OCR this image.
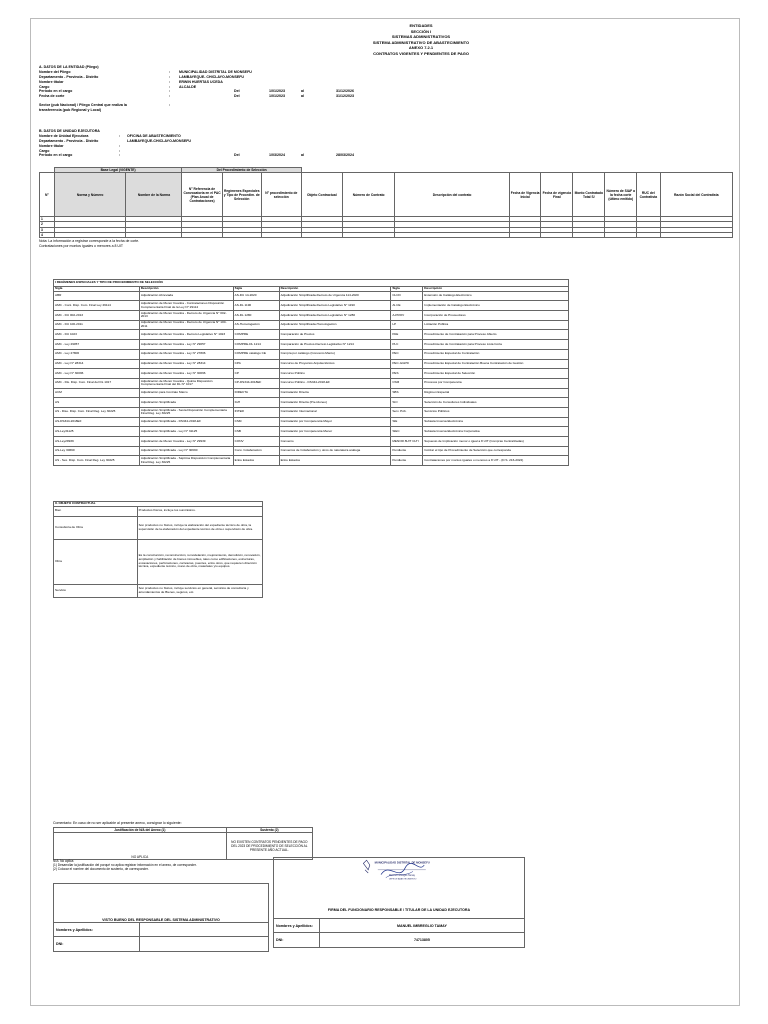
ENTIDADES
SECCIÓN I
SISTEMAS ADMINISTRATIVOS
SISTEMA ADMINISTRATIVO DE ABASTECIMIENTO
ANEXO 7.2.1
CONTRATOS VIGENTES Y PENDIENTES DE PAGO
A. DATOS DE LA ENTIDAD (Pliego)
Nombre del Pliego	: MUNICIPALIDAD DISTRITAL DE MONSEFU
Departamento - Provincia - Distrito	: LAMBAYEQUE- CHICLAYO-MONSEFU
Nombre titular	: ERWIN HUERTAS UCEDA
Cargo	: ALCALDE
Periodo en el cargo	:	Del	1/01/2023	al	31/12/2026
Fecha de corte	:	Del	1/01/2023	al	31/12/2023
Sector (pub Nacional) / Pliego Central que realiza la	:
transferencia (pub Regional y Local)
B. DATOS DE UNIDAD EJECUTORA
Nombre de Unidad Ejecutora	: OFICINA DE ABASTECIMIENTO
Departamento - Provincia - Distrito	LAMBAYEQUE-CHICLAYO-MONSEFU
Nombre titular	:
Cargo	:
Periodo en el cargo	:	Del	1/03/2024	al	28/03/2024
	Base Legal (VIGENTE)		Del Procedimiento de Selección											
N°	Norma y Número	Nombre de la Norma	N° Referencia de Convocatoria en el PAC (Plan Anual de Contrataciones)	Regímenes Especiales y Tipo de Procedim. de Selección	N° procedimiento de selección	Objeto Contractual	Número de Contrato	Descripción del contrato	Fecha de Vigencia Inicial	Fecha de vigencia Final	Monto Contratado Total S/	Número de SIAF a la fecha corte (último emitido)	RUC del Contratista	Razón Social del Contratista
1														
2														
3														
4														
Nota: La información a registrar corresponde a la fecha de corte.
Contrataciones por montos iguales o menores a 8 UIT
I REGÍMENES ESPECIALES Y TIPO DE PROCEDIMIENTO DE SELECCIÓN					
Sigla	Descripción	Sigla	Descripción	Sigla	Descripción
ABR	Adjudicación Abreviada	AS-DU 14-2020	Adjudicación Simplificada-Decreto de Urgencia 114-2020	CLCD	Extensión de Catálogo Electrónico
AMC - Cont. Disp. Com. Final Ley 29114	Adjudicación de Menor Cuantía - Contrataciones Disposición Complementaria Final de la Ley N° 29114	AS-DL 1190	Adjudicación Simplificada-Decreto Legislativo N° 1190	AI-CE	Implementación de Catálogo Electrónico
AMC - DU 002-2013	Adjudicación de Menor Cuantía - Decreto de Urgencia N° 002-2013	AS-DL 1280	Adjudicación Simplificada-Decreto Legislativo N° 1280	A-PROV	Incorporación de Proveedores
AMC - DU 100-2011	Adjudicación de Menor Cuantía - Decreto de Urgencia N° 100-2011	AS-Homologación	Adjudicación Simplificada-Homologación	LP	Licitación Pública
AMC - DU 1023	Adjudicación de Menor Cuantía - Decreto Legislativo N° 1023	COMPRE	Comparación de Precios	PAE	Procedimiento de Contratación para Proceso Abierto
AMC - Ley 29057	Adjudicación de Menor Cuantía - Ley N° 29057	COMPRE-DL 1214	Comparación de Precios-Decreto Legislativo N° 1214	PLC	Procedimiento de Contratación para Proceso Lista Corta
AMC - Ley 27806	Adjudicación de Menor Cuantía - Ley N° 27806	COMPRE catálogo CE	Compra por catálogo (Convenio Marco)	PEC	Procedimiento Especial de Contratación
AMC - Ley N° 28314	Adjudicación de Menor Cuantía - Ley N° 28314	CPA	Concurso de Proyectos Arquitectónicos	PEC-GGPD	Procedimiento Especial de Contratación Buena Contratación de Gestión
AMC - Ley N° 30096	Adjudicación de Menor Cuantía - Ley N° 30096	CP	Concurso Público	PES	Procedimiento Especial de Selección
AMC - Dis. Disp. Com. Final del DL 1017	Adjudicación de Menor Cuantía - Quinta Disposición Complementaria Final del DL N° 1017	CP-DS344-2018EF	Concurso Público - DS344-2018-EF	CSM	Procesos por Competencia
ACM	Adjudicación para Contrato Marco	DIRECTA	Contratación Directa	SBS	Régimen Especial
AS	Adjudicación Simplificada	IGH	Contratación Directa (Pre-Idoneo)	SCI	Selección de Consultores Individuales
AS - Dise. Disp. Com. Final Reg. Ley 30225	Adjudicación Simplificada - Sexta Disposición Complementaria Final Reg. Ley 30225	INTER	Contratación Internacional	Serv. Púb.	Servicios Públicos
AS-DS344-2018EF	Adjudicación Simplificada - DS344-2018-EF	CSM	Contratación por Competencia Mayor	SIE	Subasta Inversa Electrónica
AS-Ley31125	Adjudicación Simplificada - Ley N° 31125	CSB	Contratación por Competencia Menor	SIEC	Subasta Inversa Electrónica Corporativa
AS-Ley29939	Adjudicación de Menor Cuantía - Ley N° 29939	CONV	Convenio	MENOR 8UIT CLTI	Supuesto de Implicación menor o igual a 8 UIT (Compras Centralizadas)
AS-Ley 30690	Adjudicación Simplificada - Ley N° 30690	Conv. Colaboración	Convenios de Colaboración y otros de naturaleza análoga	Pendiente	Cotizar el tipo de Procedimiento de Selección que corresponda
AS - Sex. Disp. Com. Final Reg. Ley 30225	Adjudicación Simplificada - Séptima Disposición Complementaria Final Reg. Ley 30225	Entre Estados	Entre Estados	Pendiente	Contrataciones por montos iguales o menores a 8 UIT - (D.S. 216-2022)
II. OBJETO CONTRACTUAL	
Bien	Productos físicos, incluye los suministros.
Consultoría de Obra	Son productos no físicos, incluye la elaboración del expediente técnico de obra, la supervisión de la elaboración del expediente técnico de obra o supervisión de obra.
Obra	Es la construcción, reconstrucción, remodelación, mejoramiento, demolición, renovación, ampliación y habilitación de bienes inmuebles, tales como edificaciones, estructuras, excavaciones, perforaciones, carreteras, puentes, entre otros, que requieren dirección técnica, expediente técnico, mano de obra, materiales y/o equipos.
Servicio	Son productos no físicos, incluye servicios en general, servicios de consultoría y arrendamientos de Bienes, seguros, etc.
Comentario: En caso de no ser aplicable al presente anexo, consignar lo siguiente:
Justificación de N/A del Anexo (1)	Sustento (2)
NO APLICA	NO EXISTEN CONTRATOS PENDIENTES DE PAGO DEL 2023 DE PROCEDIMIENTO DE SELECCIÓN AL PRESENTE AÑO ACTUAL.
N/A: No aplica
(1) Desarrollar la justificación del porqué no aplica registrar información en el anexo, de corresponder.
(2) Colocar el nombre del documento de sustento, de corresponder.
VISTO BUENO DEL RESPONSABLE DEL SISTEMA ADMINISTRATIVO	
Nombres y Apellidos:	
DNI:	
FIRMA DEL FUNCIONARIO RESPONSABLE / TITULAR DE LA UNIDAD EJECUTORA	
Nombres y Apellidos:	MANUEL IMBREGLIO TAMAY
DNI:	74713805
MUNICIPALIDAD DISTRITAL DE MONSEFU
Manuel Imbreglio Tamay
JEFE DE ABASTECIMIENTO
